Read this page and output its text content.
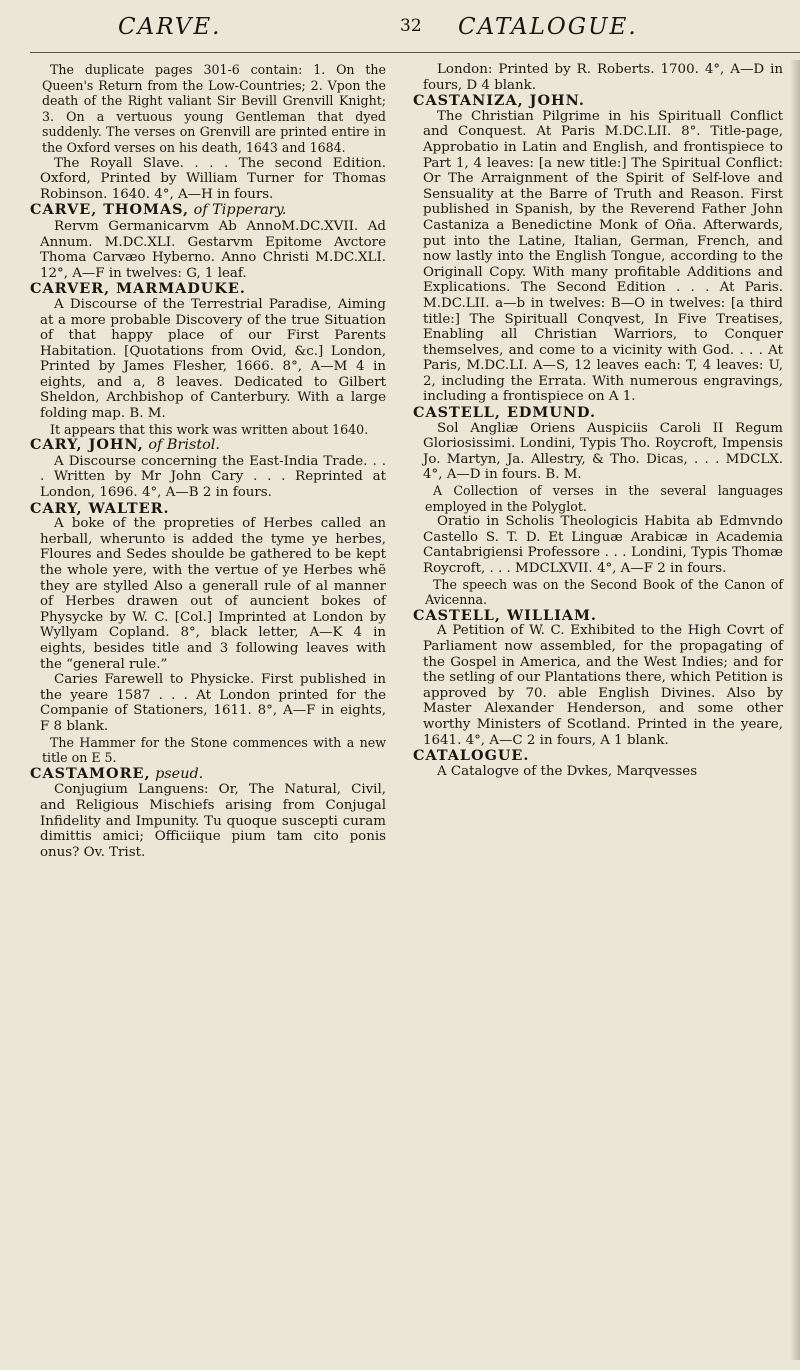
CARVE.	32 CATALOGUE.

The duplicate pages 301-6 contain: 1. On the Queen's Return from the Low-Countries; 2. Vpon the death of the Right valiant Sir Bevill Grenvill Knight; 3. On a vertuous young Gentleman that dyed suddenly. The verses on Grenvill are printed entire in the Oxford verses on his death, 1643 and 1684.

The Royall Slave. . . . The second Edition. Oxford, Printed by William Turner for Thomas Robinson. 1640. 4°, A—H in fours.

CARVE, THOMAS, of Tipperary.

Rervm Germanicarvm Ab AnnoM.DC.XVII. Ad Annum. M.DC.XLI. Gestarvm Epitome Avctore Thoma Carvæo Hyberno. Anno Christi M.DC.XLI. 12°, A—F in twelves: G, 1 leaf.

CARVER, MARMADUKE.

A Discourse of the Terrestrial Paradise, Aiming at a more probable Discovery of the true Situation of that happy place of our First Parents Habitation. [Quotations from Ovid, &c.] London, Printed by James Flesher, 1666. 8°, A—M 4 in eights, and a, 8 leaves. Dedicated to Gilbert Sheldon, Archbishop of Canterbury. With a large folding map. B. M.

It appears that this work was written about 1640.

CARY, JOHN, of Bristol.

A Discourse concerning the East-India Trade. . . . Written by Mr John Cary . . . Reprinted at London, 1696. 4°, A—B 2 in fours.

CARY, WALTER.

A boke of the propreties of Herbes called an herball, wherunto is added the tyme ye herbes, Floures and Sedes shoulde be gathered to be kept the whole yere, with the vertue of ye Herbes whẽ they are stylled Also a generall rule of al manner of Herbes drawen out of auncient bokes of Physycke by W. C. [Col.] Imprinted at London by Wyllyam Copland. 8°, black letter, A—K 4 in eights, besides title and 3 following leaves with the “general rule.”

Caries Farewell to Physicke. First published in the yeare 1587 . . . At London printed for the Companie of Stationers, 1611. 8°, A—F in eights, F 8 blank.

The Hammer for the Stone commences with a new title on E 5.

CASTAMORE, pseud.

Conjugium Languens: Or, The Natural, Civil, and Religious Mischiefs arising from Conjugal Infidelity and Impunity. Tu quoque suscepti curam dimittis amici; Officiique pium tam cito ponis onus? Ov. Trist.

London: Printed by R. Roberts. 1700. 4°, A—D in fours, D 4 blank.

CASTANIZA, JOHN.

The Christian Pilgrime in his Spirituall Conflict and Conquest. At Paris M.DC.LII. 8°. Title-page, Approbatio in Latin and English, and frontispiece to Part 1, 4 leaves: [a new title:] The Spiritual Conflict: Or The Arraignment of the Spirit of Self-love and Sensuality at the Barre of Truth and Reason. First published in Spanish, by the Reverend Father John Castaniza a Benedictine Monk of Oña. Afterwards, put into the Latine, Italian, German, French, and now lastly into the English Tongue, according to the Originall Copy. With many profitable Additions and Explications. The Second Edition . . . At Paris. M.DC.LII. a—b in twelves: B—O in twelves: [a third title:] The Spirituall Conqvest, In Five Treatises, Enabling all Christian Warriors, to Conquer themselves, and come to a vicinity with God. . . . At Paris, M.DC.LI. A—S, 12 leaves each: T, 4 leaves: U, 2, including the Errata. With numerous engravings, including a frontispiece on A 1.

CASTELL, EDMUND.

Sol Angliæ Oriens Auspiciis Caroli II Regum Gloriosissimi. Londini, Typis Tho. Roycroft, Impensis Jo. Martyn, Ja. Allestry, & Tho. Dicas, . . . MDCLX. 4°, A—D in fours. B. M.

A Collection of verses in the several languages employed in the Polyglot.

Oratio in Scholis Theologicis Habita ab Edmvndo Castello S. T. D. Et Linguæ Arabicæ in Academia Cantabrigiensi Professore . . . Londini, Typis Thomæ Roycroft, . . . MDCLXVII. 4°, A—F 2 in fours.

The speech was on the Second Book of the Canon of Avicenna.

CASTELL, WILLIAM.

A Petition of W. C. Exhibited to the High Covrt of Parliament now assembled, for the propagating of the Gospel in America, and the West Indies; and for the setling of our Plantations there, which Petition is approved by 70. able English Divines. Also by Master Alexander Henderson, and some other worthy Ministers of Scotland. Printed in the yeare, 1641. 4°, A—C 2 in fours, A 1 blank.

CATALOGUE.

A Catalogve of the Dvkes, Marqvesses
